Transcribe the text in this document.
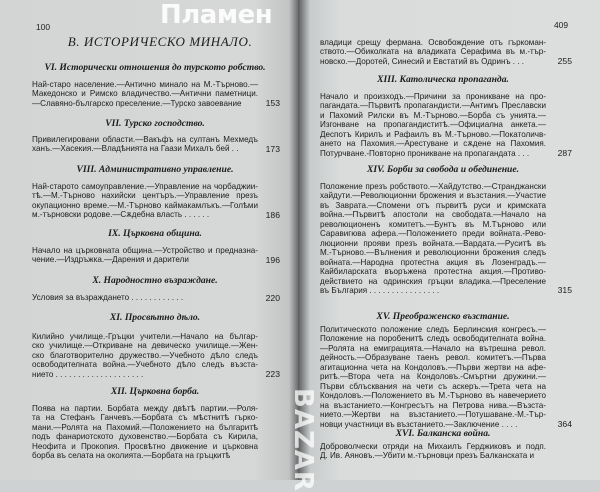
100
В. ИСТОРИЧЕСКО МИНАЛО.
VI. Исторически отношения до турското робство.
Най-старо население.—Античнo минало на М.-Търново.—
Македонско и Римско владичество.—Антични паметници.
—Славяно-българско преселение.—Турско завоевание	153
VII. Турско господство.
Привилегировани области.—Вакъфъ на султанъ Мехмедъ
ханъ.—Хасекия.—Владѣнията на Гаази Михалъ бей . .	173
VIII. Административно управление.
Най-старото самоуправление.—Управление на чорбаджии-
тѣ.—М.-Търново нахийски центъръ.—Управление презъ
окупационно време.—М.-Търново каймакамлъкъ.—Голѣми
м.-търновски родове.—Сѫдебна власть . . . . . .	186
IX. Църковна община.
Начало на църковната община.—Устройство и предназна-
чение.—Издръжка.—Дарения и дарители	196
X. Народностно възраждане.
Условия за възраждането . . . . . . . . . . . .	220
XI. Просвѣтно дѣло.
Килийно училище.-Гръцки учители.—Начало на българ-
ско училище.—Откриване на девическо училище.—Жен-
ско благотворително дружество.—Учебното дѣло следъ
освободителната война.—Учебното дѣло следъ възста-
нието . . . . . . . . . . . . . . . . . . . .	223
XII. Църковна борба.
Поява на партии. Борбата между двѣтѣ партии.—Роля-
та на Стефанъ Ганчевъ.—Борбата съ мѣстнитѣ гърко-
мани.—Ролята на Пахомий.—Положението на българитѣ
подъ фанариотското духовенство.—Борбата съ Кирила,
Неофита и Прокопия. Просвѣтно движение и църковна
борба въ селата на околията.—Борбата на гръцкитѣ
409
владици срещу фермана. Освобождение отъ гъркоман-
ството.—Обиколката на владиката Серафима въ м.-тър-
новско.—Доротей, Синесий и Евстатий въ Одринъ . . .	255
XIII. Католическа пропаганда.
Начало и произходъ.—Причини за проникване на про-
пагандата.—Първитѣ пропагандисти.—Антимъ Преславски
и Пахомий Рилски въ М.-Търново.—Борба съ унията.—
Изгонване на пропагандиститѣ.—Официална анкета.—
Деспотъ Кирилъ и Рафаилъ въ М.-Търново.—Покатоличв-
ането на Пахомия.—Арестуване и сѫдене на Пахомия.
Потурчване.-Повторно проникване на пропагандата . . .	287
XIV. Борби за свобода и обединение.
Положение презъ робството.—Хайдутство.—Странджански
хайдути.—Революционни брожения и възстания.—Участие
въ Заврата.—Спомени отъ първитѣ руси и кримската
война.—Първитѣ апостоли на свободата.—Начало на
революционенъ комитетъ.—Бунтъ въ М.Търново или
Саравигюва афера.—Положението преди войната.-Рево-
люционни прояви презъ войната.—Вардата.—Руситѣ въ
М.-Търново.—Вълнения и революционни брожения следъ
войната.—Народна протестна акция въ Лозенградъ.—
Кайбиларската въоръжена протестна акция.—Противо-
действието на одринския гръцки владика.—Преселение
въ България . . . . . . . . . . . . . . . .	315
XV. Преображенско възстание.
Политическото положение следъ Берлинския конгресъ.—
Положение на поробенитѣ следъ освободителната война.
—Ролята на емиграцията.—Начало на вътрешна револ.
дейность.—Образуване таенъ револ. комитетъ.—Първа
агитационна чета на Кондоловъ.—Първи жертви на афе-
ритѣ.—Втора чета на Кондоловъ.-Смъртни дружини.—
Първи сблъсквания на чети съ аскеръ.—Трета чета на
Кондоловъ.—Положението въ М.-Търново въ навечерието
на възстанието.—Конгресътъ на Петрова нива.—Възста-
нието.—Жертви на възстанието.—Потушаване.-М.-Тър-
новци участници въ възстанието.—Заключение . . . .	364
XVI. Балканска война.
Доброволчески отряди на Михаилъ Герджиковъ и подп.
Д. Ив. Аяновъ.—Убити м.-търновци презъ Балканската и
Пламен
BAZAR
